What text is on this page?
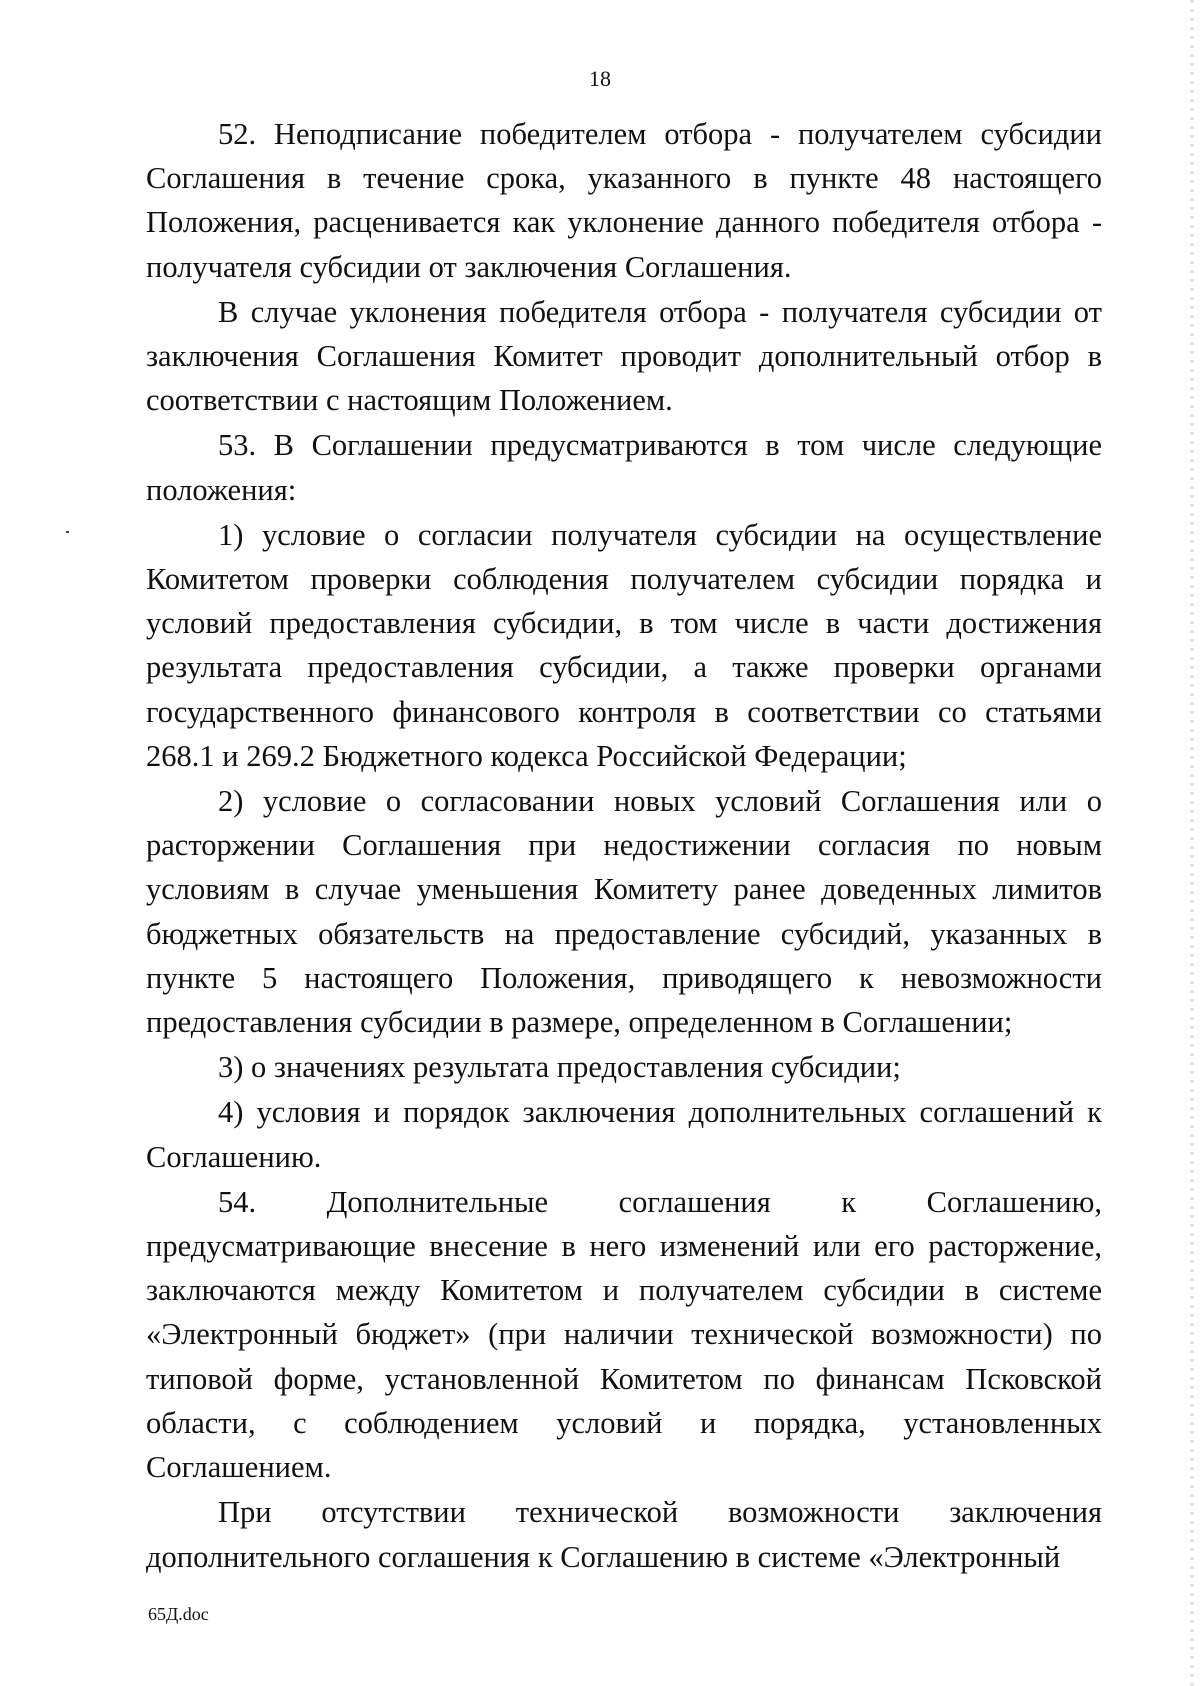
18

52. Неподписание победителем отбора - получателем субсидии Соглашения в течение срока, указанного в пункте 48 настоящего Положения, расценивается как уклонение данного победителя отбора - получателя субсидии от заключения Соглашения.

В случае уклонения победителя отбора - получателя субсидии от заключения Соглашения Комитет проводит дополнительный отбор в соответствии с настоящим Положением.

53. В Соглашении предусматриваются в том числе следующие положения:

1) условие о согласии получателя субсидии на осуществление Комитетом проверки соблюдения получателем субсидии порядка и условий предоставления субсидии, в том числе в части достижения результата предоставления субсидии, а также проверки органами государственного финансового контроля в соответствии со статьями 268.1 и 269.2 Бюджетного кодекса Российской Федерации;

2) условие о согласовании новых условий Соглашения или о расторжении Соглашения при недостижении согласия по новым условиям в случае уменьшения Комитету ранее доведенных лимитов бюджетных обязательств на предоставление субсидий, указанных в пункте 5 настоящего Положения, приводящего к невозможности предоставления субсидии в размере, определенном в Соглашении;

3) о значениях результата предоставления субсидии;

4) условия и порядок заключения дополнительных соглашений к Соглашению.

54. Дополнительные соглашения к Соглашению, предусматривающие внесение в него изменений или его расторжение, заключаются между Комитетом и получателем субсидии в системе «Электронный бюджет» (при наличии технической возможности) по типовой форме, установленной Комитетом по финансам Псковской области, с соблюдением условий и порядка, установленных Соглашением.

При отсутствии технической возможности заключения дополнительного соглашения к Соглашению в системе «Электронный

65Д.doc
